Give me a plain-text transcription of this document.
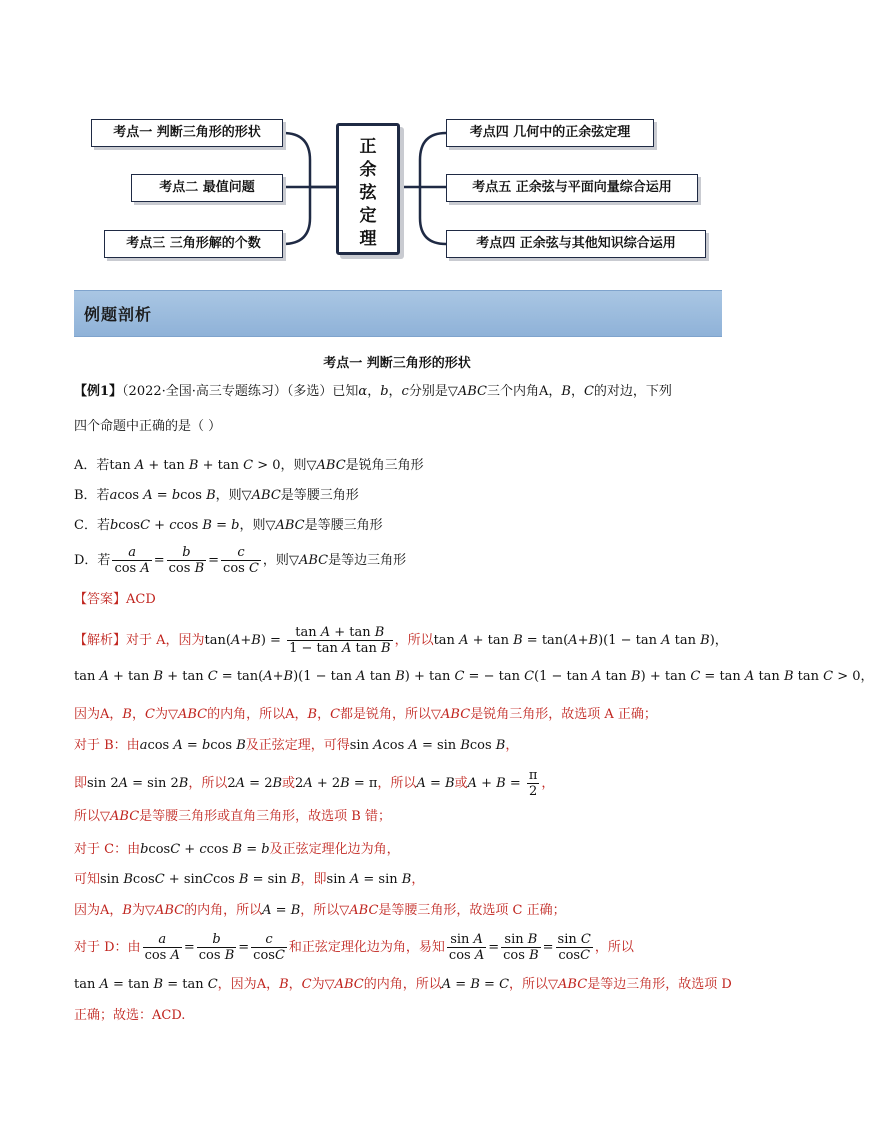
考点一 判断三角形的形状
考点二 最值问题
考点三 三角形解的个数
正
余
弦
定
理
考点四 几何中的正余弦定理
考点五 正余弦与平面向量综合运用
考点四 正余弦与其他知识综合运用
例题剖析
考点一 判断三角形的形状
【例1】（2022·全国·高三专题练习）（多选）已知α，b，c分别是▽ABC三个内角A，B，C的对边，下列
四个命题中正确的是（ ）
A．若tan A + tan B + tan C > 0，则▽ABC是锐角三角形
B．若acos A = bcos B，则▽ABC是等腰三角形
C．若bcosC + ccos B = b，则▽ABC是等腰三角形
D．若 $\frac{a}{\text{cos A}} = \frac{b}{\text{cos B}} = \frac{c}{\text{cos C}}$ ，则▽ABC是等边三角形
【答案】ACD
【解析】对于 A，因为$\tan(A+B) = \frac{\text{tan A + tan B}}{\text{1 − tan A tan B}}$ ，所以tan A + tan B = tan(A+B)(1 − tan A tan B)，
tan A + tan B + tan C = tan(A+B)(1 − tan A tan B) + tan C = − tan C(1 − tan A tan B) + tan C = tan A tan B tan C > 0，
因为A，B，C为▽ABC的内角，所以A，B，C都是锐角，所以▽ABC是锐角三角形，故选项 A 正确；
对于 B：由acos A = bcos B及正弦定理，可得sin Acos A = sin Bcos B，
即sin 2A = sin 2B，所以2A = 2B或2A + 2B = π，所以A = B或$A + B = \frac{\pi}{2}$ ，
所以▽ABC是等腰三角形或直角三角形，故选项 B 错；
对于 C：由bcosC + ccos B = b及正弦定理化边为角，
可知sin BcosC + sinCcos B = sin B，即sin A = sin B，
因为A，B为▽ABC的内角，所以A = B，所以▽ABC是等腰三角形，故选项 C 正确；
对于 D：由 $\frac{a}{\text{cos A}} = \frac{b}{\text{cos B}} = \frac{c}{\cos C}$ 和正弦定理化边为角，易知 $\frac{\text{sin A}}{\text{cos A}} = \frac{\text{sin B}}{\text{cos B}} = \frac{\text{sin C}}{\cos C}$ ，所以
tan A = tan B = tan C，因为A，B，C为▽ABC的内角，所以A = B = C，所以▽ABC是等边三角形，故选项 D
正确；故选：ACD.
